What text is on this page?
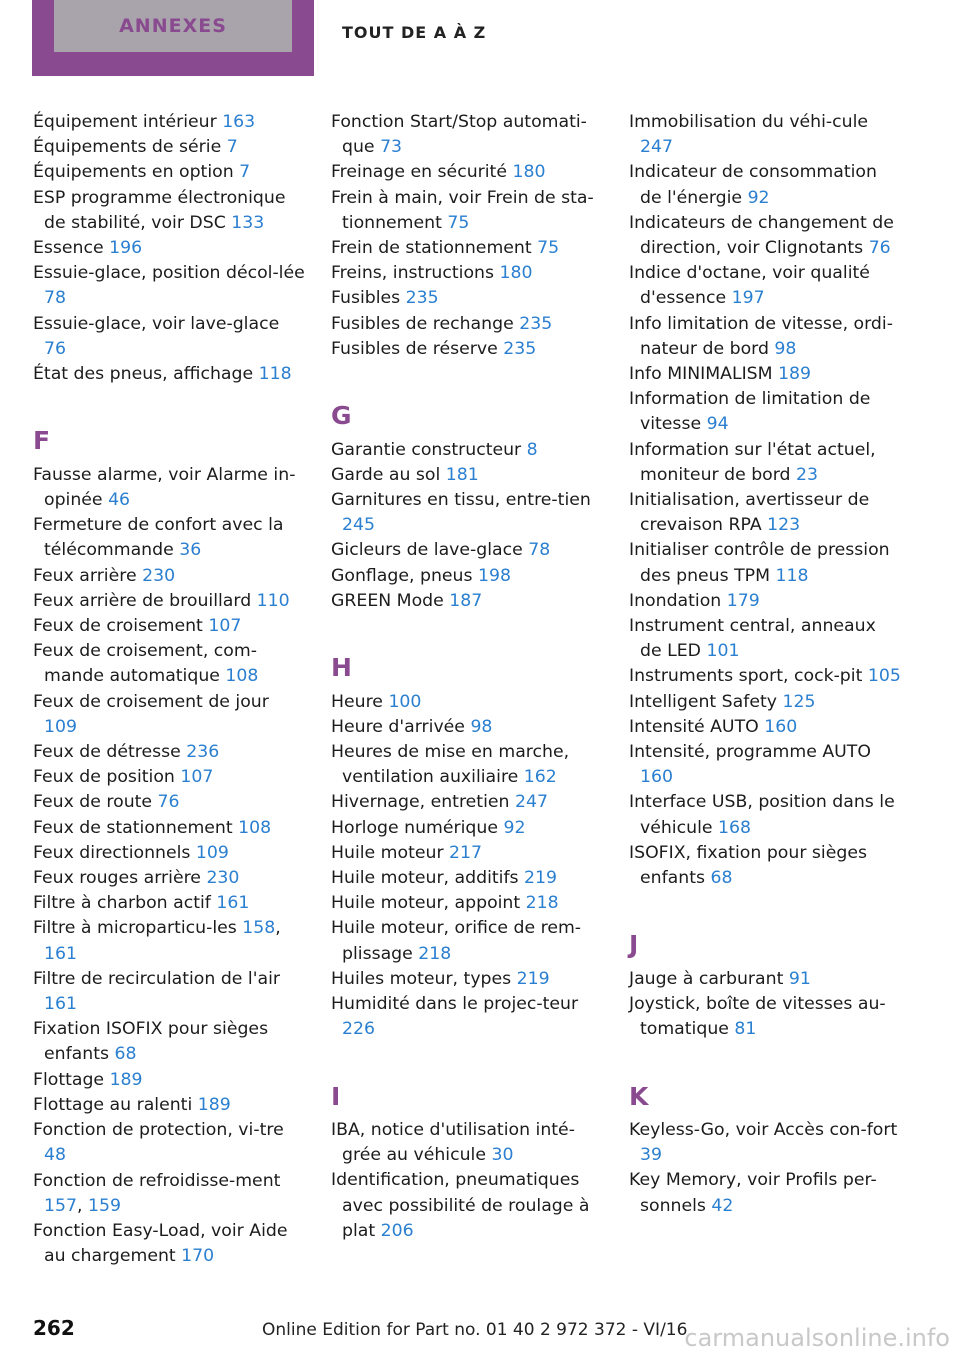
ANNEXES	TOUT DE A À Z
Équipement intérieur 163
Équipements de série 7
Équipements en option 7
ESP programme électronique de stabilité, voir DSC 133
Essence 196
Essuie-glace, position décol-lée 78
Essuie-glace, voir lave-glace 76
État des pneus, affichage 118
F
Fausse alarme, voir Alarme in-opinée 46
Fermeture de confort avec la télécommande 36
Feux arrière 230
Feux arrière de brouillard 110
Feux de croisement 107
Feux de croisement, com-mande automatique 108
Feux de croisement de jour 109
Feux de détresse 236
Feux de position 107
Feux de route 76
Feux de stationnement 108
Feux directionnels 109
Feux rouges arrière 230
Filtre à charbon actif 161
Filtre à microparticu-les 158, 161
Filtre de recirculation de l'air 161
Fixation ISOFIX pour sièges enfants 68
Flottage 189
Flottage au ralenti 189
Fonction de protection, vi-tre 48
Fonction de refroidisse-ment 157, 159
Fonction Easy-Load, voir Aide au chargement 170
Fonction Start/Stop automati-que 73
Freinage en sécurité 180
Frein à main, voir Frein de sta-tionnement 75
Frein de stationnement 75
Freins, instructions 180
Fusibles 235
Fusibles de rechange 235
Fusibles de réserve 235
G
Garantie constructeur 8
Garde au sol 181
Garnitures en tissu, entre-tien 245
Gicleurs de lave-glace 78
Gonflage, pneus 198
GREEN Mode 187
H
Heure 100
Heure d'arrivée 98
Heures de mise en marche, ventilation auxiliaire 162
Hivernage, entretien 247
Horloge numérique 92
Huile moteur 217
Huile moteur, additifs 219
Huile moteur, appoint 218
Huile moteur, orifice de rem-plissage 218
Huiles moteur, types 219
Humidité dans le projec-teur 226
I
IBA, notice d'utilisation inté-grée au véhicule 30
Identification, pneumatiques avec possibilité de roulage à plat 206
Immobilisation du véhi-cule 247
Indicateur de consommation de l'énergie 92
Indicateurs de changement de direction, voir Clignotants 76
Indice d'octane, voir qualité d'essence 197
Info limitation de vitesse, ordi-nateur de bord 98
Info MINIMALISM 189
Information de limitation de vitesse 94
Information sur l'état actuel, moniteur de bord 23
Initialisation, avertisseur de crevaison RPA 123
Initialiser contrôle de pression des pneus TPM 118
Inondation 179
Instrument central, anneaux de LED 101
Instruments sport, cock-pit 105
Intelligent Safety 125
Intensité AUTO 160
Intensité, programme AUTO 160
Interface USB, position dans le véhicule 168
ISOFIX, fixation pour sièges enfants 68
J
Jauge à carburant 91
Joystick, boîte de vitesses au-tomatique 81
K
Keyless-Go, voir Accès con-fort 39
Key Memory, voir Profils per-sonnels 42
262	Online Edition for Part no. 01 40 2 972 372 - VI/16
carmanualsonline.info
